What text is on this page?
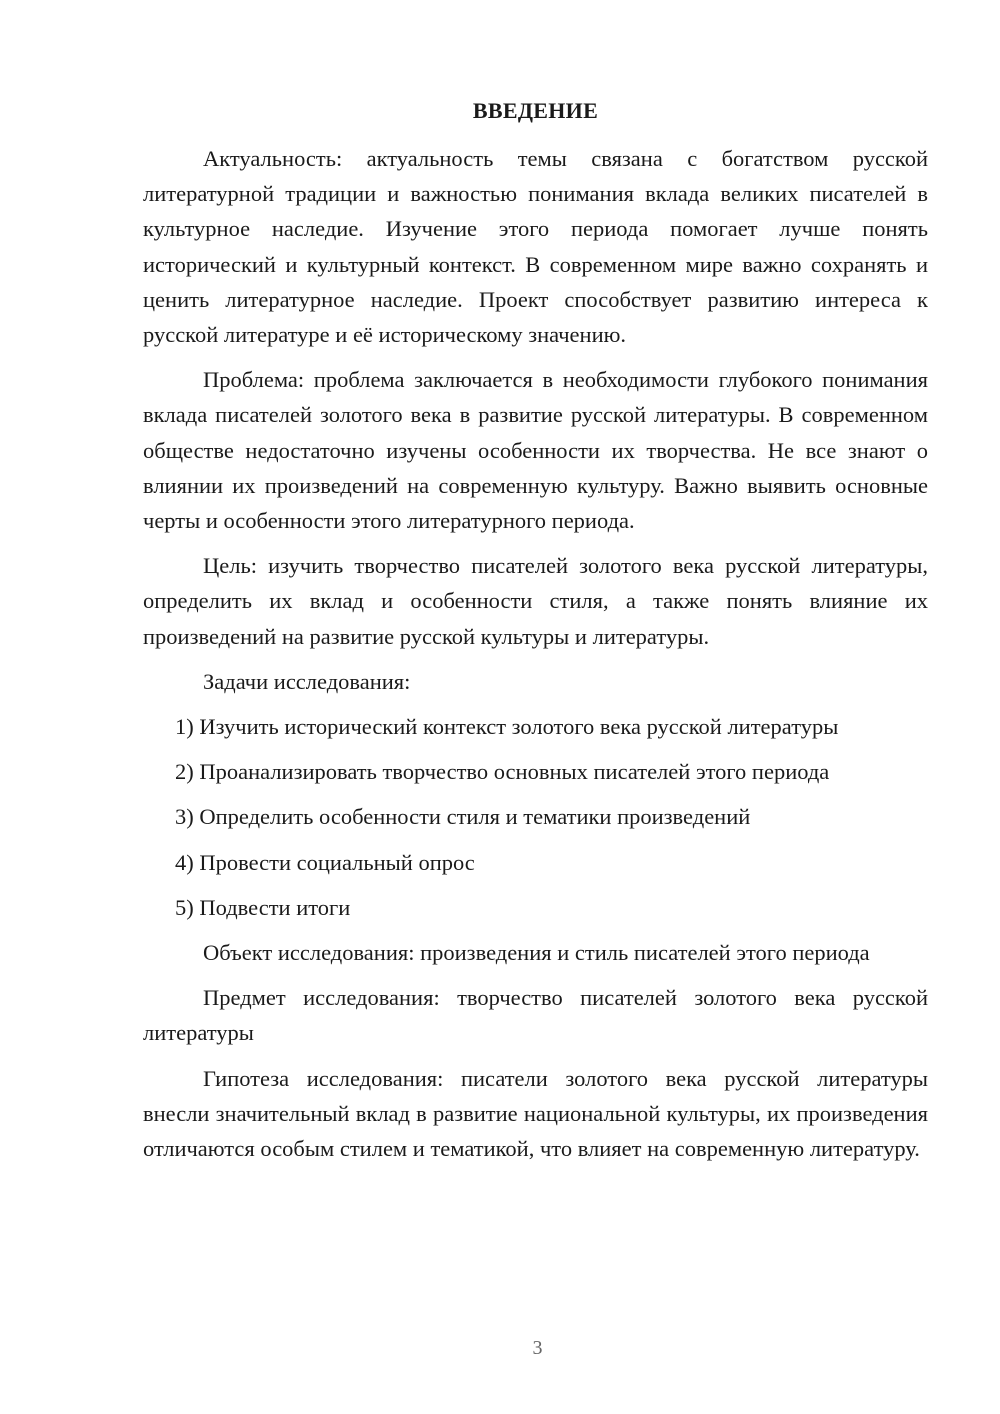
ВВЕДЕНИЕ

Актуальность: актуальность темы связана с богатством русской литературной традиции и важностью понимания вклада великих писателей в культурное наследие. Изучение этого периода помогает лучше понять исторический и культурный контекст. В современном мире важно сохранять и ценить литературное наследие. Проект способствует развитию интереса к русской литературе и её историческому значению.

Проблема: проблема заключается в необходимости глубокого понимания вклада писателей золотого века в развитие русской литературы. В современном обществе недостаточно изучены особенности их творчества. Не все знают о влиянии их произведений на современную культуру. Важно выявить основные черты и особенности этого литературного периода.

Цель: изучить творчество писателей золотого века русской литературы, определить их вклад и особенности стиля, а также понять влияние их произведений на развитие русской культуры и литературы.

Задачи исследования:

1) Изучить исторический контекст золотого века русской литературы

2) Проанализировать творчество основных писателей этого периода

3) Определить особенности стиля и тематики произведений

4) Провести социальный опрос

5) Подвести итоги

Объект исследования: произведения и стиль писателей этого периода

Предмет исследования: творчество писателей золотого века русской литературы

Гипотеза исследования: писатели золотого века русской литературы внесли значительный вклад в развитие национальной культуры, их произведения отличаются особым стилем и тематикой, что влияет на современную литературу.

3
